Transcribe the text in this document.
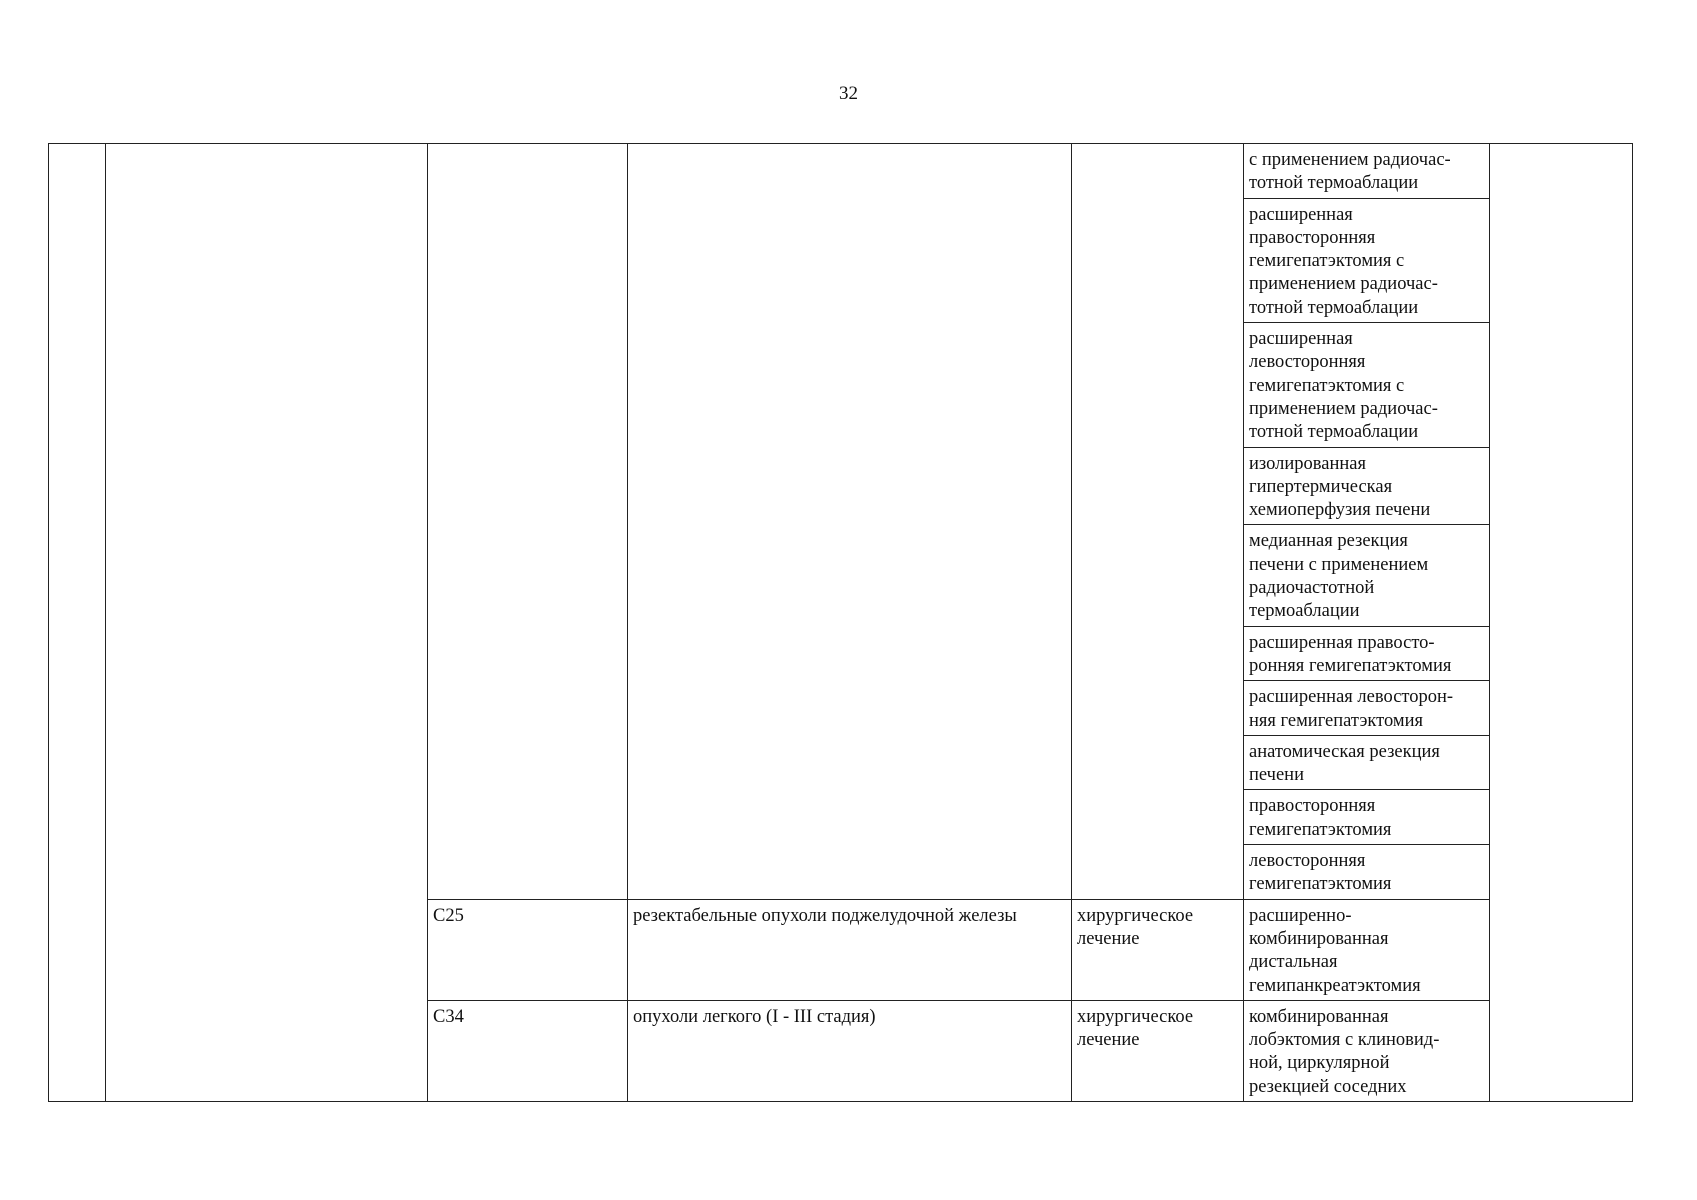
32
					с применением радиочас-
тотной термоаблации	
					расширенная
правосторонняя
гемигепатэктомия с
применением радиочас-
тотной термоаблации	
					расширенная
левосторонняя
гемигепатэктомия с
применением радиочас-
тотной термоаблации	
					изолированная
гипертермическая
хемиоперфузия печени	
					медианная резекция
печени с применением
радиочастотной
термоаблации	
					расширенная правосто-
ронняя гемигепатэктомия	
					расширенная левосторон-
няя гемигепатэктомия	
					анатомическая резекция
печени	
					правосторонняя
гемигепатэктомия	
					левосторонняя
гемигепатэктомия	
		C25	резектабельные опухоли поджелудочной железы	хирургическое
лечение	расширенно-
комбинированная
дистальная
гемипанкреатэктомия	
		C34	опухоли легкого (I - III стадия)	хирургическое
лечение	комбинированная
лобэктомия с клиновид-
ной, циркулярной
резекцией соседних	
